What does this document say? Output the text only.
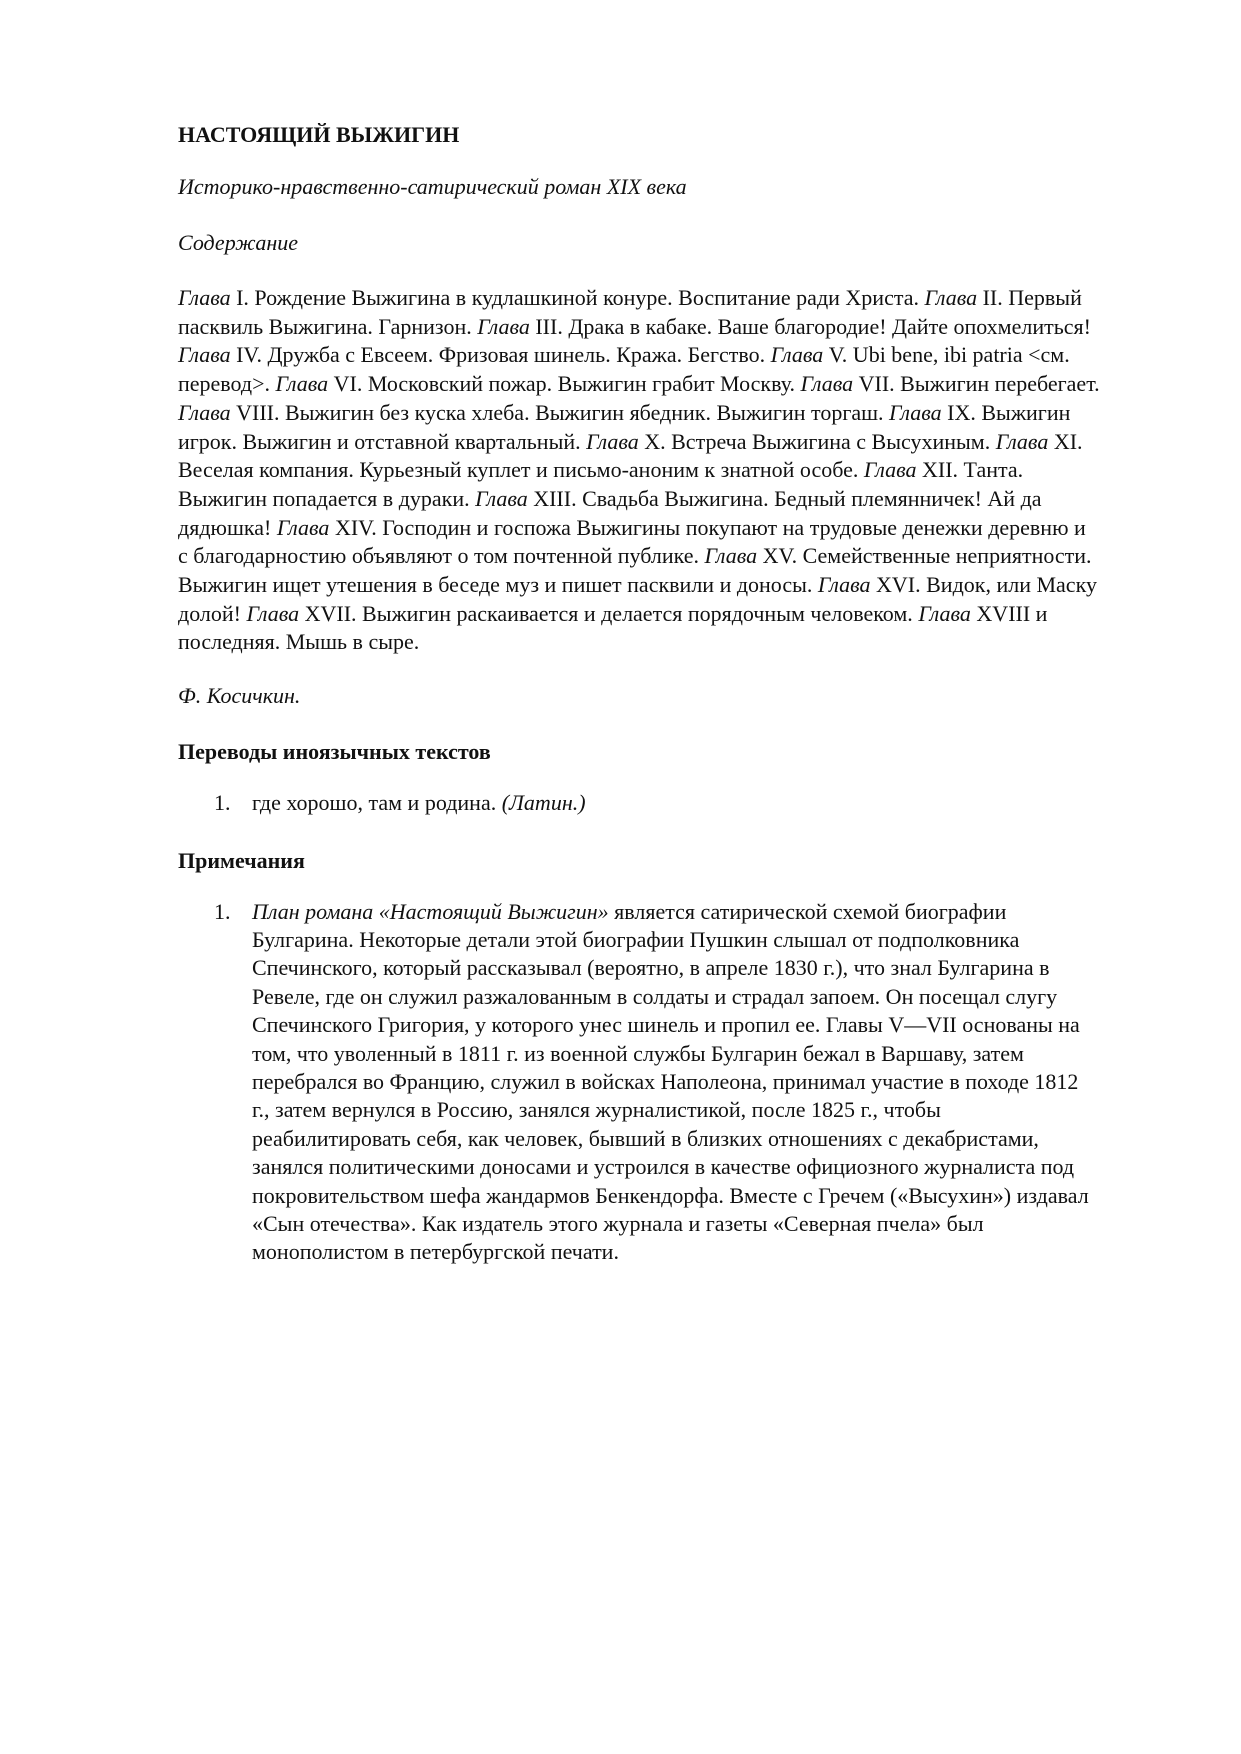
НАСТОЯЩИЙ ВЫЖИГИН
Историко-нравственно-сатирический роман XIX века
Содержание
Глава I. Рождение Выжигина в кудлашкиной конуре. Воспитание ради Христа. Глава II. Первый пасквиль Выжигина. Гарнизон. Глава III. Драка в кабаке. Ваше благородие! Дайте опохмелиться! Глава IV. Дружба с Евсеем. Фризовая шинель. Кража. Бегство. Глава V. Ubi bene, ibi patria <см. перевод>. Глава VI. Московский пожар. Выжигин грабит Москву. Глава VII. Выжигин перебегает. Глава VIII. Выжигин без куска хлеба. Выжигин ябедник. Выжигин торгаш. Глава IX. Выжигин игрок. Выжигин и отставной квартальный. Глава X. Встреча Выжигина с Высухиным. Глава XI. Веселая компания. Курьезный куплет и письмо-аноним к знатной особе. Глава XII. Танта. Выжигин попадается в дураки. Глава XIII. Свадьба Выжигина. Бедный племянничек! Ай да дядюшка! Глава XIV. Господин и госпожа Выжигины покупают на трудовые денежки деревню и с благодарностию объявляют о том почтенной публике. Глава XV. Семейственные неприятности. Выжигин ищет утешения в беседе муз и пишет пасквили и доносы. Глава XVI. Видок, или Маску долой! Глава XVII. Выжигин раскаивается и делается порядочным человеком. Глава XVIII и последняя. Мышь в сыре.
Ф. Косичкин.
Переводы иноязычных текстов
1. где хорошо, там и родина. (Латин.)
Примечания
1. План романа «Настоящий Выжигин» является сатирической схемой биографии Булгарина. Некоторые детали этой биографии Пушкин слышал от подполковника Спечинского, который рассказывал (вероятно, в апреле 1830 г.), что знал Булгарина в Ревеле, где он служил разжалованным в солдаты и страдал запоем. Он посещал слугу Спечинского Григория, у которого унес шинель и пропил ее. Главы V—VII основаны на том, что уволенный в 1811 г. из военной службы Булгарин бежал в Варшаву, затем перебрался во Францию, служил в войсках Наполеона, принимал участие в походе 1812 г., затем вернулся в Россию, занялся журналистикой, после 1825 г., чтобы реабилитировать себя, как человек, бывший в близких отношениях с декабристами, занялся политическими доносами и устроился в качестве официозного журналиста под покровительством шефа жандармов Бенкендорфа. Вместе с Гречем («Высухин») издавал «Сын отечества». Как издатель этого журнала и газеты «Северная пчела» был монополистом в петербургской печати.
